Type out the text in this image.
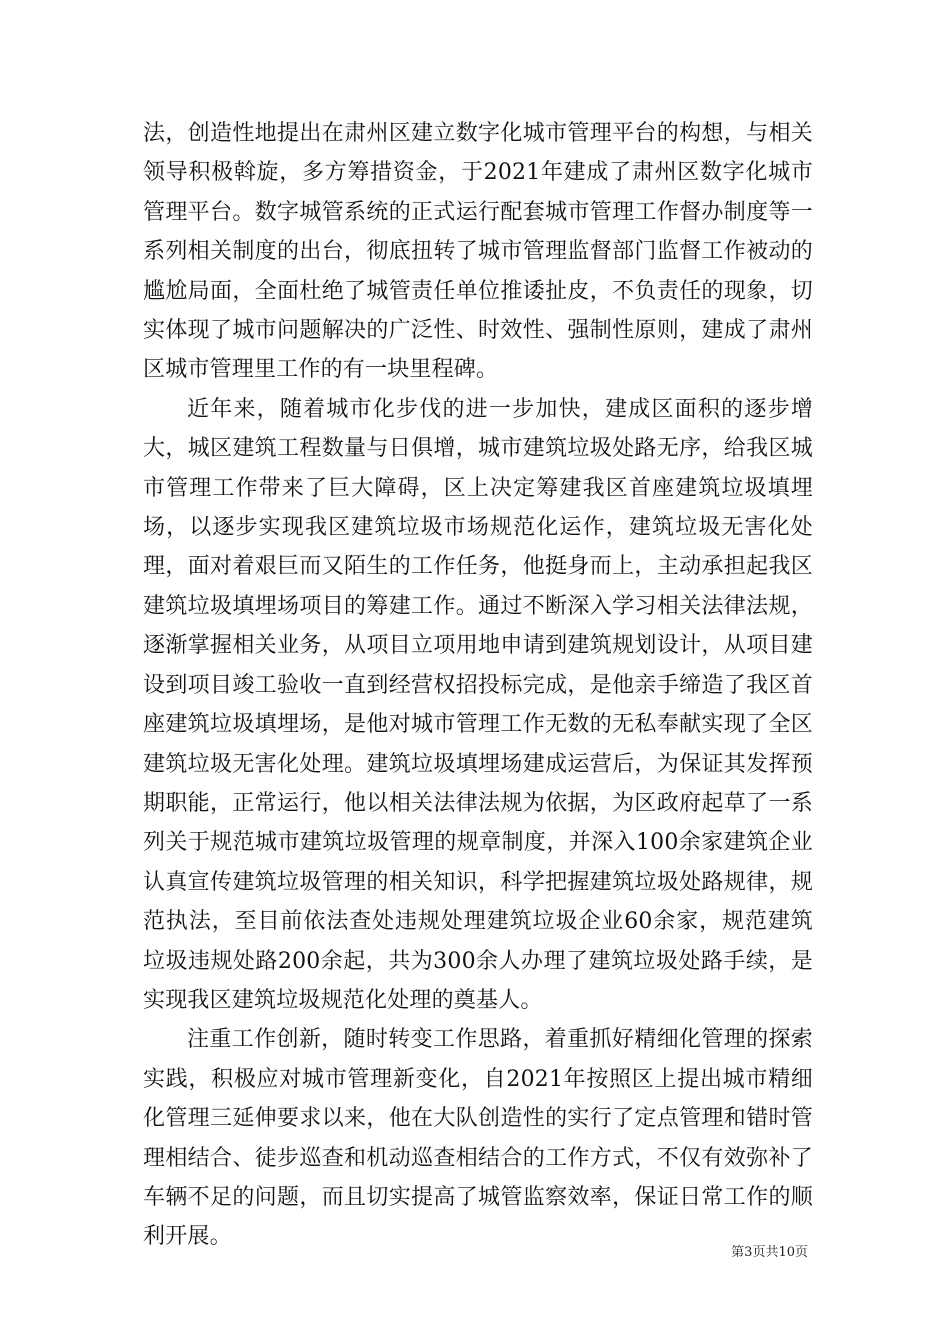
法，创造性地提出在肃州区建立数字化城市管理平台的构想，与相关领导积极斡旋，多方筹措资金，于2021年建成了肃州区数字化城市管理平台。数字城管系统的正式运行配套城市管理工作督办制度等一系列相关制度的出台，彻底扭转了城市管理监督部门监督工作被动的尴尬局面，全面杜绝了城管责任单位推诿扯皮，不负责任的现象，切实体现了城市问题解决的广泛性、时效性、强制性原则，建成了肃州区城市管理里工作的有一块里程碑。

近年来，随着城市化步伐的进一步加快，建成区面积的逐步增大，城区建筑工程数量与日俱增，城市建筑垃圾处路无序，给我区城市管理工作带来了巨大障碍，区上决定筹建我区首座建筑垃圾填埋场，以逐步实现我区建筑垃圾市场规范化运作，建筑垃圾无害化处理，面对着艰巨而又陌生的工作任务，他挺身而上，主动承担起我区建筑垃圾填埋场项目的筹建工作。通过不断深入学习相关法律法规，逐渐掌握相关业务，从项目立项用地申请到建筑规划设计，从项目建设到项目竣工验收一直到经营权招投标完成，是他亲手缔造了我区首座建筑垃圾填埋场，是他对城市管理工作无数的无私奉献实现了全区建筑垃圾无害化处理。建筑垃圾填埋场建成运营后，为保证其发挥预期职能，正常运行，他以相关法律法规为依据，为区政府起草了一系列关于规范城市建筑垃圾管理的规章制度，并深入100余家建筑企业认真宣传建筑垃圾管理的相关知识，科学把握建筑垃圾处路规律，规范执法，至目前依法查处违规处理建筑垃圾企业60余家，规范建筑垃圾违规处路200余起，共为300余人办理了建筑垃圾处路手续，是实现我区建筑垃圾规范化处理的奠基人。

注重工作创新，随时转变工作思路，着重抓好精细化管理的探索实践，积极应对城市管理新变化，自2021年按照区上提出城市精细化管理三延伸要求以来，他在大队创造性的实行了定点管理和错时管理相结合、徒步巡查和机动巡查相结合的工作方式，不仅有效弥补了车辆不足的问题，而且切实提高了城管监察效率，保证日常工作的顺利开展。

第3页共10页
